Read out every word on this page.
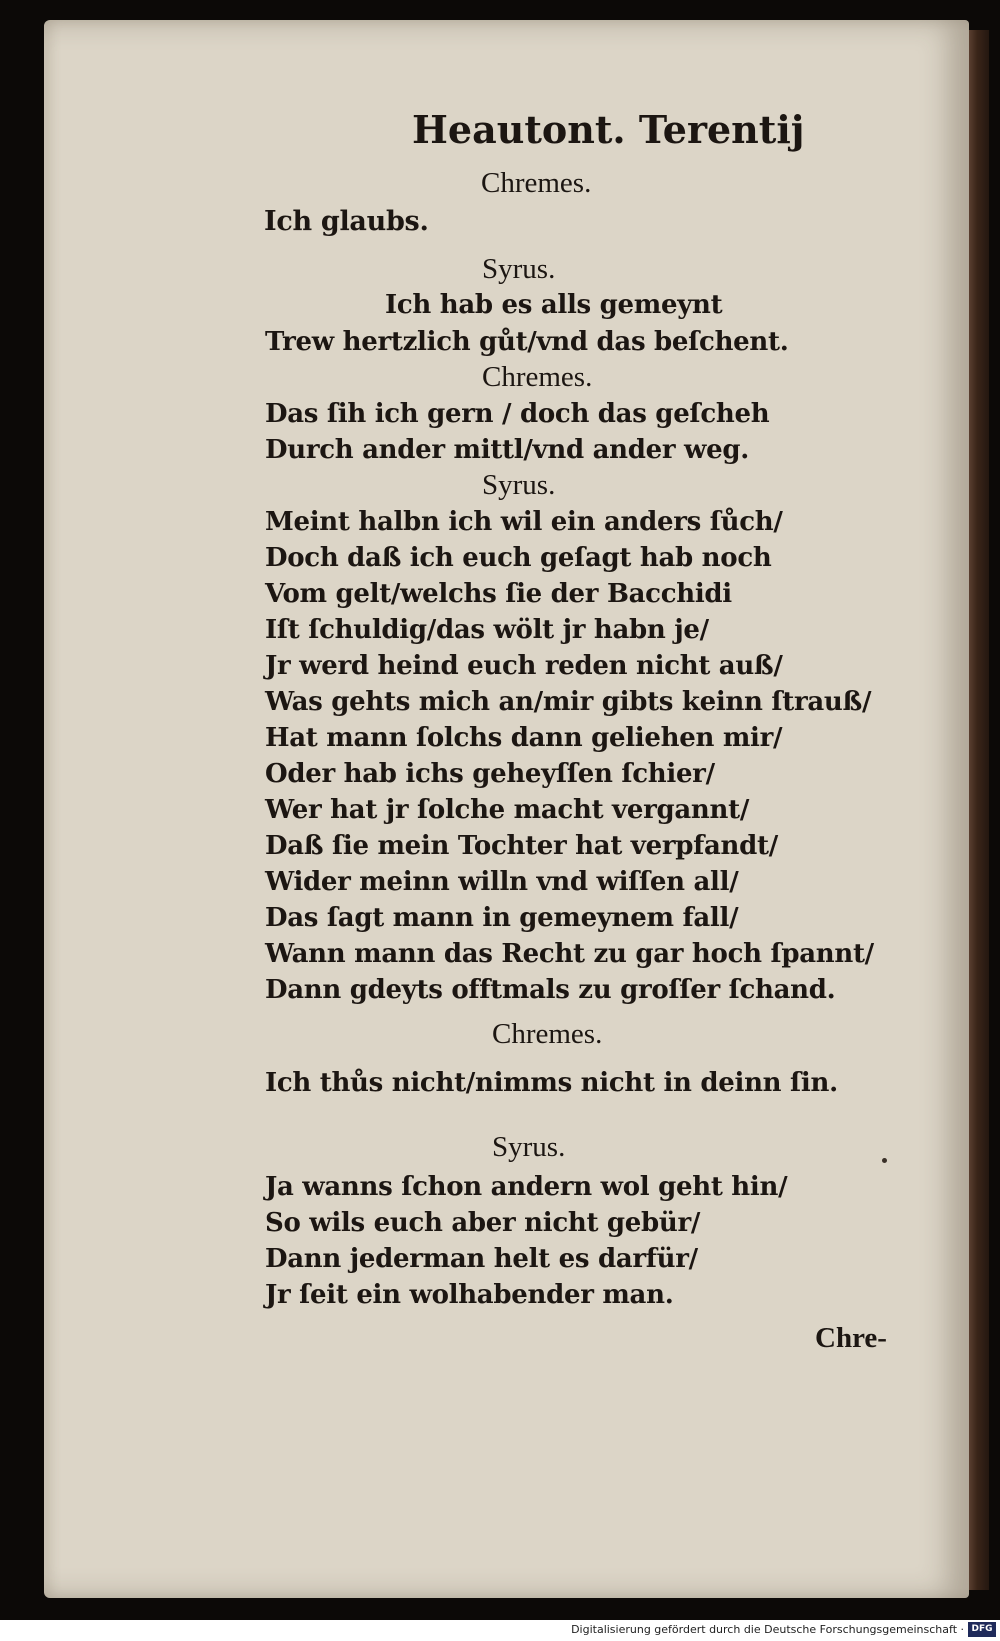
Heautont. Terentij
Chremes.
Ich glaubs.
Syrus.
Ich hab es alls gemeynt
Trew hertzlich gůt/vnd das beſchent.
Chremes.
Das ſih ich gern / doch das geſcheh
Durch ander mittl/vnd ander weg.
Syrus.
Meint halbn ich wil ein anders ſůch/
Doch daß ich euch geſagt hab noch
Vom gelt/welchs ſie der Bacchidi
Iſt ſchuldig/das wölt jr habn je/
Jr werd heind euch reden nicht auß/
Was gehts mich an/mir gibts keinn ſtrauß/
Hat mann ſolchs dann geliehen mir/
Oder hab ichs geheyſſen ſchier/
Wer hat jr ſolche macht vergannt/
Daß ſie mein Tochter hat verpfandt/
Wider meinn willn vnd wiſſen all/
Das ſagt mann in gemeynem fall/
Wann mann das Recht zu gar hoch ſpannt/
Dann gdeyts offtmals zu groſſer ſchand.
Chremes.
Ich thůs nicht/nimms nicht in deinn ſin.
Syrus.
Ja wanns ſchon andern wol geht hin/
So wils euch aber nicht gebür/
Dann jederman helt es darfür/
Jr ſeit ein wolhabender man.
Chre-
Digitalisierung gefördert durch die Deutsche Forschungsgemeinschaft · DFG
